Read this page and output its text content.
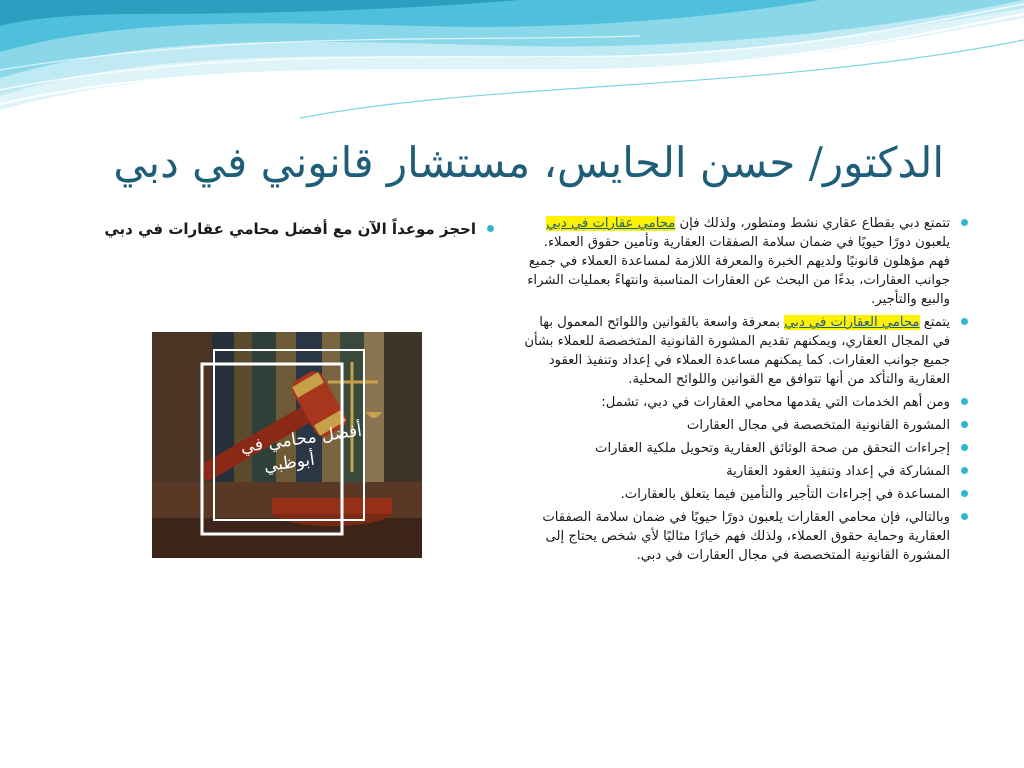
الدكتور/ حسن الحايس، مستشار قانوني في دبي
تتمتع دبي بقطاع عقاري نشط ومتطور، ولذلك فإن محامي عقارات في دبي يلعبون دورًا حيويًا في ضمان سلامة الصفقات العقارية وتأمين حقوق العملاء. فهم مؤهلون قانونيًا ولديهم الخبرة والمعرفة اللازمة لمساعدة العملاء في جميع جوانب العقارات، بدءًا من البحث عن العقارات المناسبة وانتهاءً بعمليات الشراء والبيع والتأجير.
يتمتع محامي العقارات في دبي بمعرفة واسعة بالقوانين واللوائح المعمول بها في المجال العقاري، ويمكنهم تقديم المشورة القانونية المتخصصة للعملاء بشأن جميع جوانب العقارات. كما يمكنهم مساعدة العملاء في إعداد وتنفيذ العقود العقارية والتأكد من أنها تتوافق مع القوانين واللوائح المحلية.
ومن أهم الخدمات التي يقدمها محامي العقارات في دبي، تشمل:
المشورة القانونية المتخصصة في مجال العقارات
إجراءات التحقق من صحة الوثائق العقارية وتحويل ملكية العقارات
المشاركة في إعداد وتنفيذ العقود العقارية
المساعدة في إجراءات التأجير والتأمين فيما يتعلق بالعقارات.
وبالتالي، فإن محامي العقارات يلعبون دورًا حيويًا في ضمان سلامة الصفقات العقارية وحماية حقوق العملاء، ولذلك فهم خيارًا مثاليًا لأي شخص يحتاج إلى المشورة القانونية المتخصصة في مجال العقارات في دبي.
احجز موعداً الآن مع أفضل محامي عقارات في دبي
أفضل محامي في
أبوظبي
